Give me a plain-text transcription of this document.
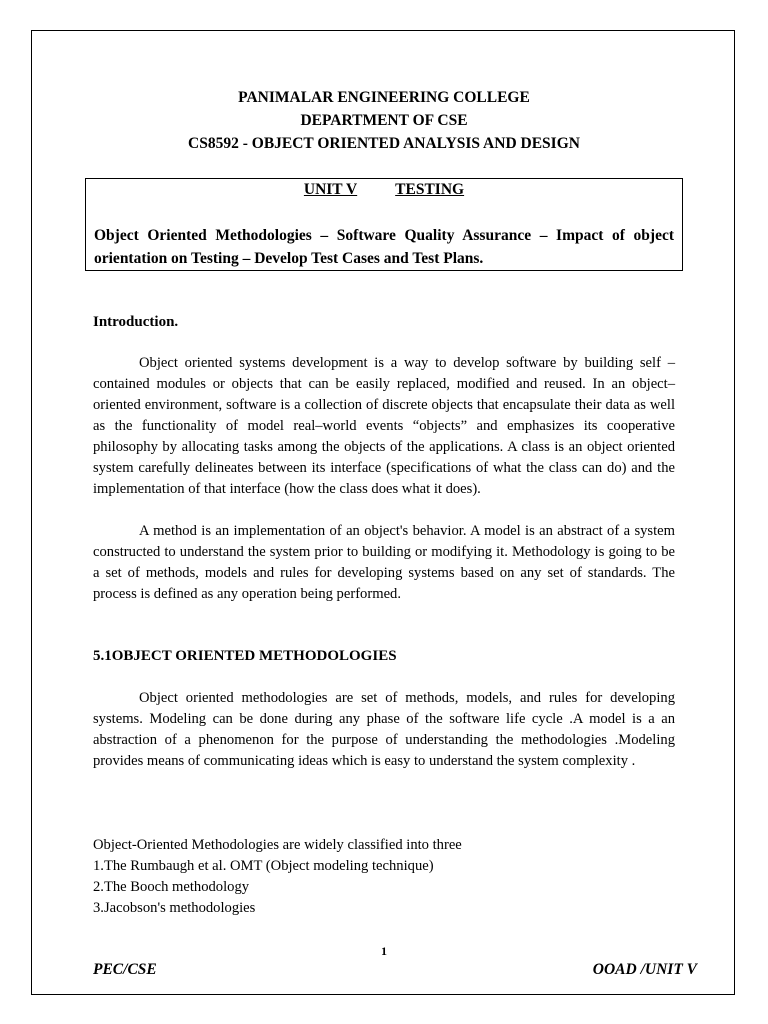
PANIMALAR ENGINEERING COLLEGE
DEPARTMENT OF CSE
CS8592 - OBJECT ORIENTED ANALYSIS AND DESIGN
UNIT V TESTING
Object Oriented Methodologies – Software Quality Assurance – Impact of object orientation on Testing – Develop Test Cases and Test Plans.
Introduction.

Object oriented systems development is a way to develop software by building self – contained modules or objects that can be easily replaced, modified and reused. In an object–oriented environment, software is a collection of discrete objects that encapsulate their data as well as the functionality of model real–world events “objects” and emphasizes its cooperative philosophy by allocating tasks among the objects of the applications. A class is an object oriented system carefully delineates between its interface (specifications of what the class can do) and the implementation of that interface (how the class does what it does).

A method is an implementation of an object's behavior. A model is an abstract of a system constructed to understand the system prior to building or modifying it. Methodology is going to be a set of methods, models and rules for developing systems based on any set of standards. The process is defined as any operation being performed.

5.1OBJECT ORIENTED METHODOLOGIES

Object oriented methodologies are set of methods, models, and rules for developing systems. Modeling can be done during any phase of the software life cycle .A model is a an abstraction of a phenomenon for the purpose of understanding the methodologies .Modeling provides means of communicating ideas which is easy to understand the system complexity .

Object-Oriented Methodologies are widely classified into three
1.The Rumbaugh et al. OMT (Object modeling technique)
2.The Booch methodology
3.Jacobson's methodologies
1
PEC/CSE	OOAD /UNIT V
